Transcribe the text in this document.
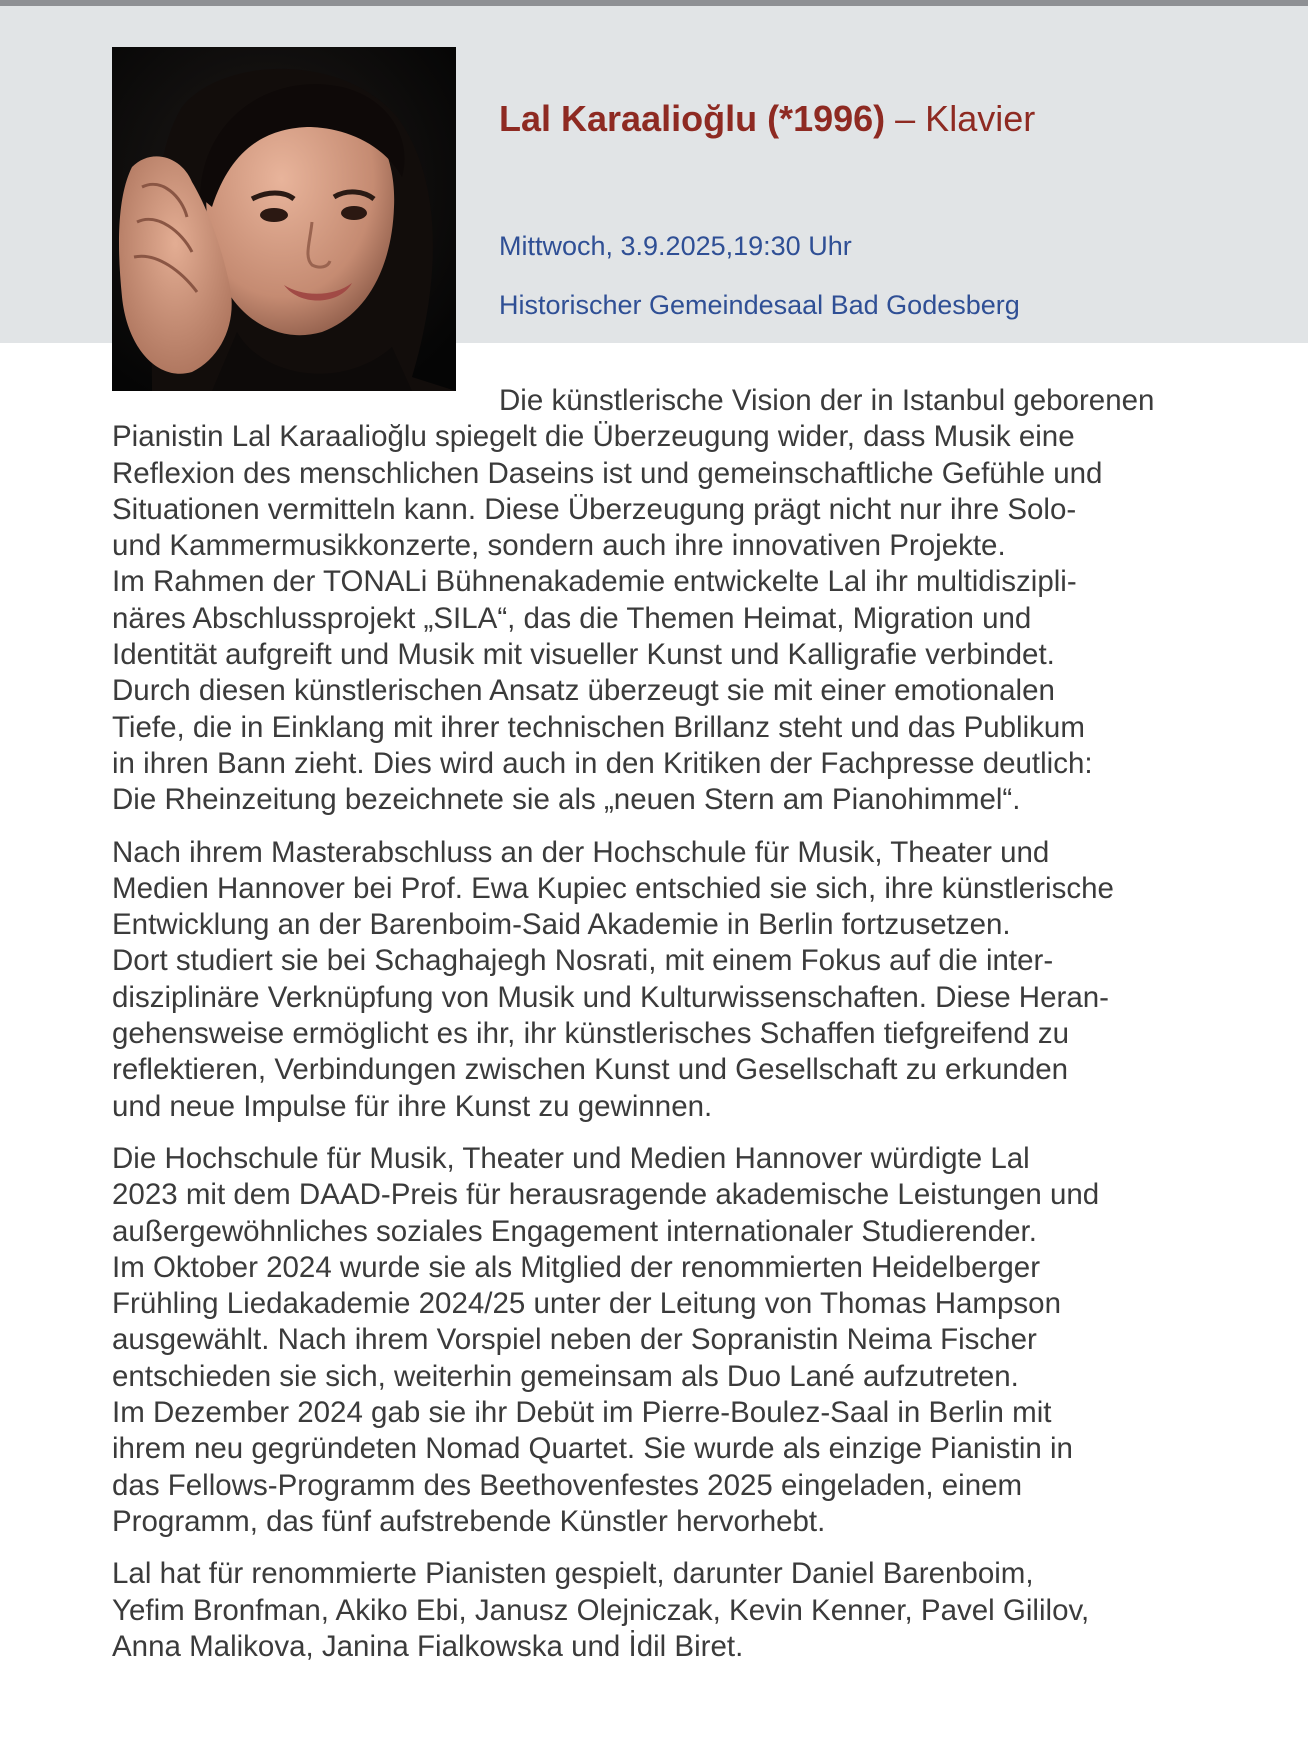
Lal Karaalioğlu (*1996) – Klavier

Mittwoch, 3.9.2025,19:30 Uhr

Historischer Gemeindesaal Bad Godesberg

Die künstlerische Vision der in Istanbul geborenen
Pianistin Lal Karaalioğlu spiegelt die Überzeugung wider, dass Musik eine
Reflexion des menschlichen Daseins ist und gemeinschaftliche Gefühle und
Situationen vermitteln kann. Diese Überzeugung prägt nicht nur ihre Solo-
und Kammermusikkonzerte, sondern auch ihre innovativen Projekte.
Im Rahmen der TONALi Bühnenakademie entwickelte Lal ihr multidiszipli-
näres Abschlussprojekt „SILA“, das die Themen Heimat, Migration und
Identität aufgreift und Musik mit visueller Kunst und Kalligrafie verbindet.
Durch diesen künstlerischen Ansatz überzeugt sie mit einer emotionalen
Tiefe, die in Einklang mit ihrer technischen Brillanz steht und das Publikum
in ihren Bann zieht. Dies wird auch in den Kritiken der Fachpresse deutlich:
Die Rheinzeitung bezeichnete sie als „neuen Stern am Pianohimmel“.

Nach ihrem Masterabschluss an der Hochschule für Musik, Theater und
Medien Hannover bei Prof. Ewa Kupiec entschied sie sich, ihre künstlerische
Entwicklung an der Barenboim-Said Akademie in Berlin fortzusetzen.
Dort studiert sie bei Schaghajegh Nosrati, mit einem Fokus auf die inter-
disziplinäre Verknüpfung von Musik und Kulturwissenschaften. Diese Heran-
gehensweise ermöglicht es ihr, ihr künstlerisches Schaffen tiefgreifend zu
reflektieren, Verbindungen zwischen Kunst und Gesellschaft zu erkunden
und neue Impulse für ihre Kunst zu gewinnen.

Die Hochschule für Musik, Theater und Medien Hannover würdigte Lal
2023 mit dem DAAD-Preis für herausragende akademische Leistungen und
außergewöhnliches soziales Engagement internationaler Studierender.
Im Oktober 2024 wurde sie als Mitglied der renommierten Heidelberger
Frühling Liedakademie 2024/25 unter der Leitung von Thomas Hampson
ausgewählt. Nach ihrem Vorspiel neben der Sopranistin Neima Fischer
entschieden sie sich, weiterhin gemeinsam als Duo Lané aufzutreten.
Im Dezember 2024 gab sie ihr Debüt im Pierre-Boulez-Saal in Berlin mit
ihrem neu gegründeten Nomad Quartet. Sie wurde als einzige Pianistin in
das Fellows-Programm des Beethovenfestes 2025 eingeladen, einem
Programm, das fünf aufstrebende Künstler hervorhebt.

Lal hat für renommierte Pianisten gespielt, darunter Daniel Barenboim,
Yefim Bronfman, Akiko Ebi, Janusz Olejniczak, Kevin Kenner, Pavel Gililov,
Anna Malikova, Janina Fialkowska und İdil Biret.
